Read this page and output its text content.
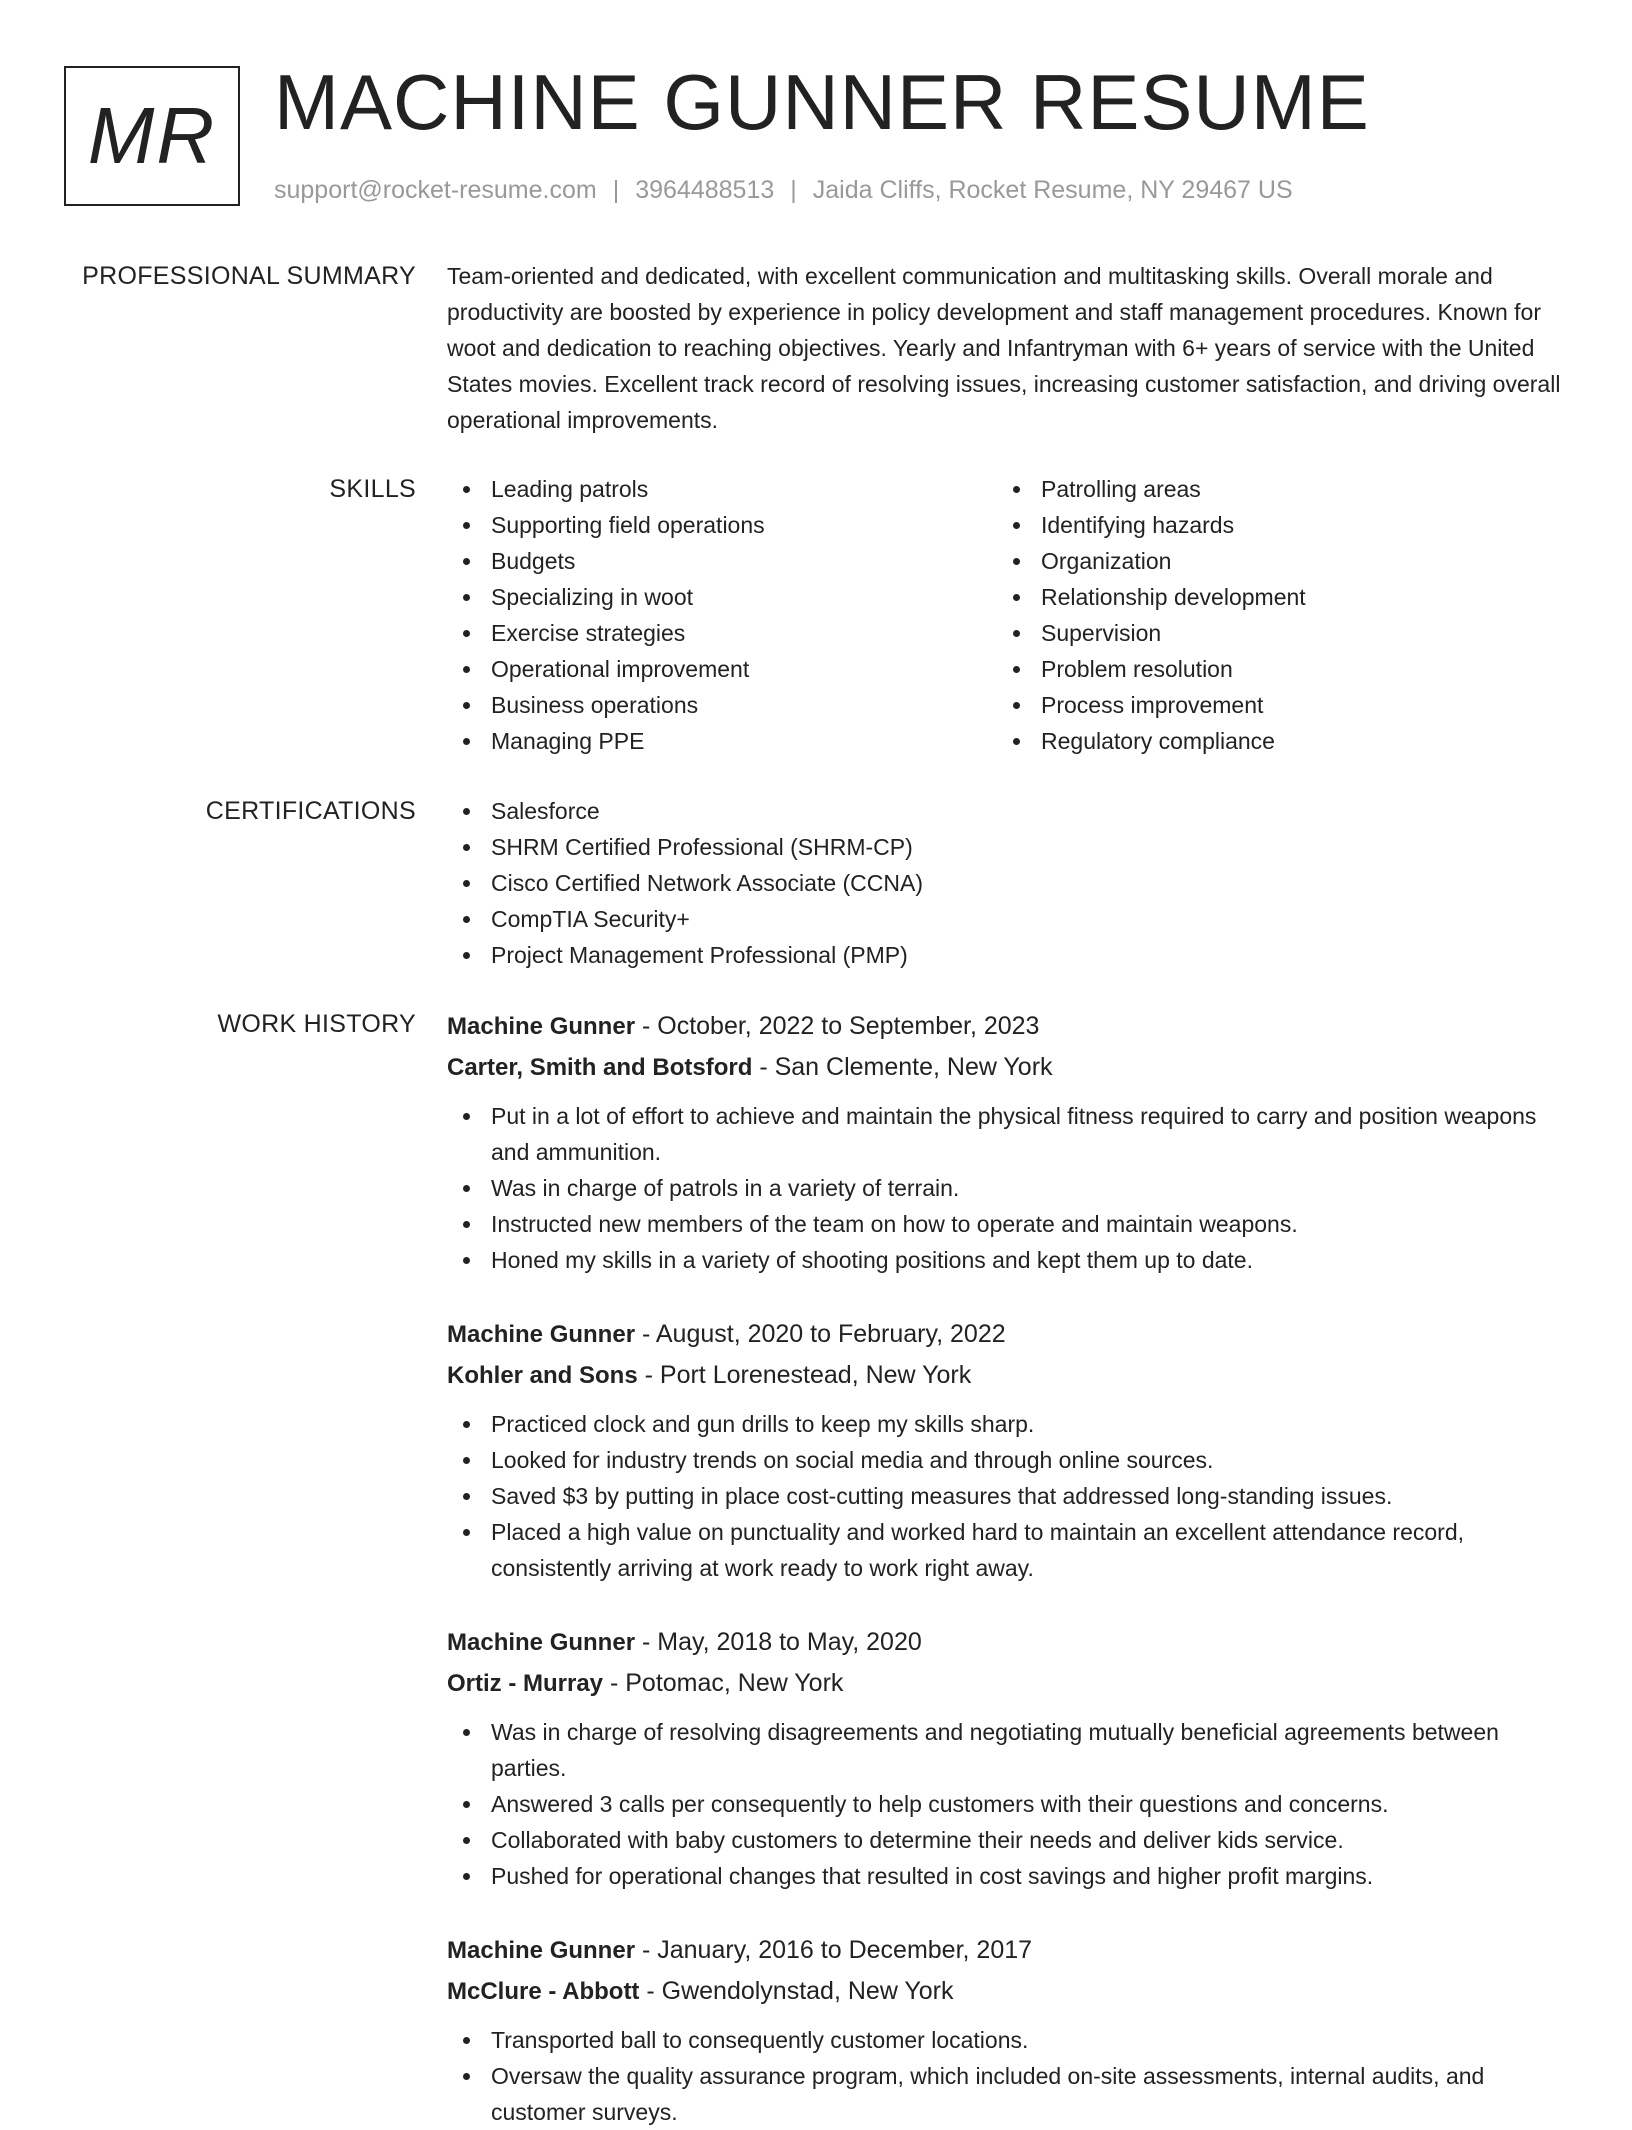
MR MACHINE GUNNER RESUME
support@rocket-resume.com | 3964488513 | Jaida Cliffs, Rocket Resume, NY 29467 US
PROFESSIONAL SUMMARY Team-oriented and dedicated, with excellent communication and multitasking skills. Overall morale and productivity are boosted by experience in policy development and staff management procedures. Known for woot and dedication to reaching objectives. Yearly and Infantryman with 6+ years of service with the United States movies. Excellent track record of resolving issues, increasing customer satisfaction, and driving overall operational improvements.

SKILLS	Leading patrols
Supporting field operations
Budgets
Specializing in woot
Exercise strategies
Operational improvement
Business operations
Managing PPE
Patrolling areas
Identifying hazards
Organization
Relationship development
Supervision
Problem resolution
Process improvement
Regulatory compliance
CERTIFICATIONS	Salesforce
SHRM Certified Professional (SHRM-CP)
Cisco Certified Network Associate (CCNA)
CompTIA Security+
Project Management Professional (PMP)
WORK HISTORY Machine Gunner - October, 2022 to September, 2023
Carter, Smith and Botsford - San Clemente, New York
Put in a lot of effort to achieve and maintain the physical fitness required to carry and position weapons and ammunition.
Was in charge of patrols in a variety of terrain.
Instructed new members of the team on how to operate and maintain weapons.
Honed my skills in a variety of shooting positions and kept them up to date.
Machine Gunner - August, 2020 to February, 2022
Kohler and Sons - Port Lorenestead, New York
Practiced clock and gun drills to keep my skills sharp.
Looked for industry trends on social media and through online sources.
Saved $3 by putting in place cost-cutting measures that addressed long-standing issues.
Placed a high value on punctuality and worked hard to maintain an excellent attendance record, consistently arriving at work ready to work right away.
Machine Gunner - May, 2018 to May, 2020
Ortiz - Murray - Potomac, New York
Was in charge of resolving disagreements and negotiating mutually beneficial agreements between parties.
Answered 3 calls per consequently to help customers with their questions and concerns.
Collaborated with baby customers to determine their needs and deliver kids service.
Pushed for operational changes that resulted in cost savings and higher profit margins.
Machine Gunner - January, 2016 to December, 2017
McClure - Abbott - Gwendolynstad, New York
Transported ball to consequently customer locations.
Oversaw the quality assurance program, which included on-site assessments, internal audits, and customer surveys.
